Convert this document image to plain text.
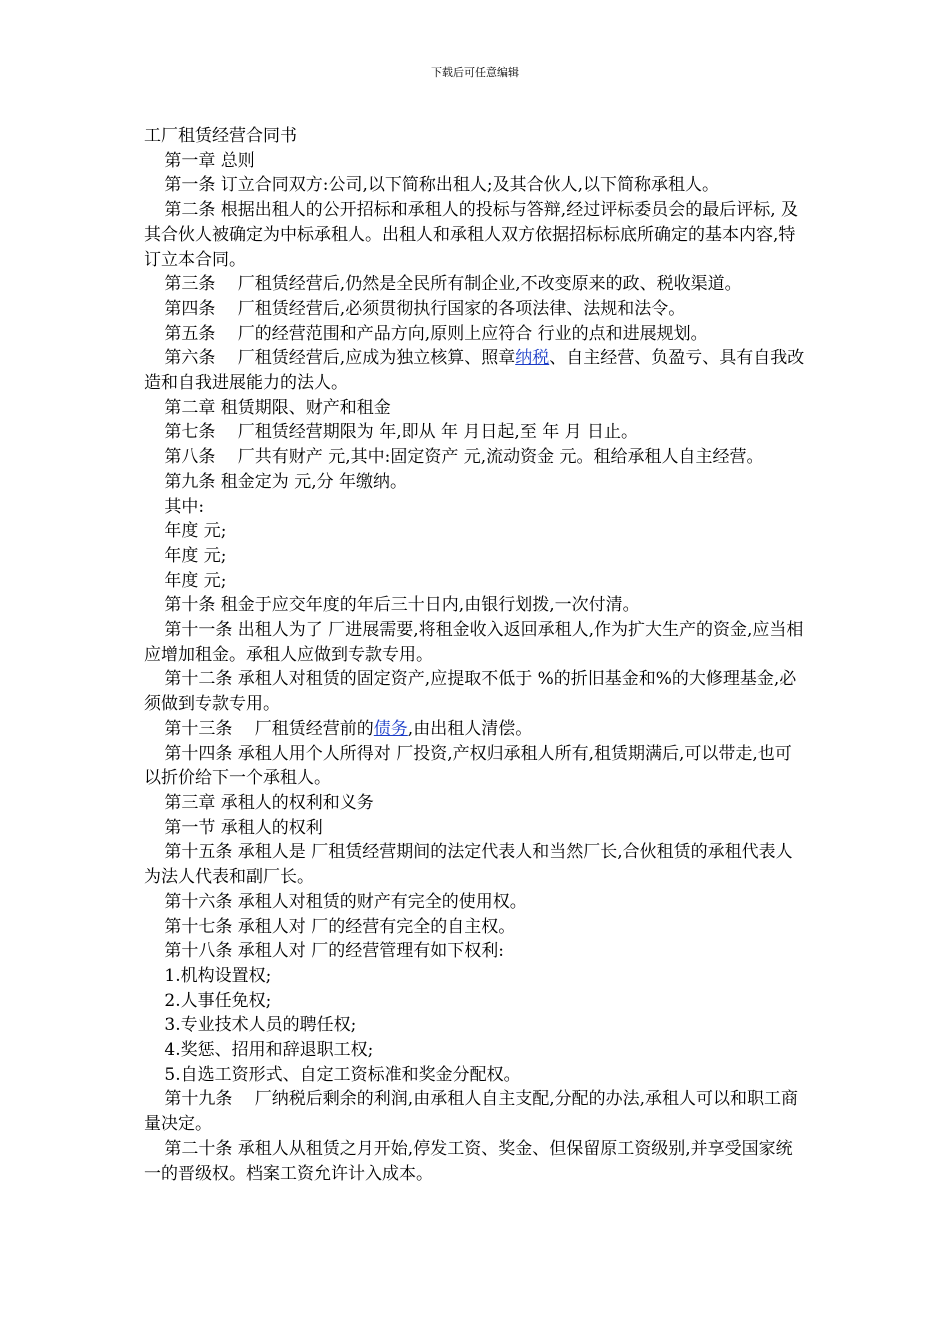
下载后可任意编辑

工厂租赁经营合同书

第一章 总则

第一条 订立合同双方:公司,以下简称出租人;及其合伙人,以下简称承租人。

第二条 根据出租人的公开招标和承租人的投标与答辩,经过评标委员会的最后评标, 及其合伙人被确定为中标承租人。出租人和承租人双方依据招标标底所确定的基本内容,特订立本合同。

第三条　 厂租赁经营后,仍然是全民所有制企业,不改变原来的政、税收渠道。

第四条　 厂租赁经营后,必须贯彻执行国家的各项法律、法规和法令。

第五条　 厂的经营范围和产品方向,原则上应符合 行业的点和进展规划。

第六条　 厂租赁经营后,应成为独立核算、照章纳税、自主经营、负盈亏、具有自我改造和自我进展能力的法人。

第二章 租赁期限、财产和租金

第七条　 厂租赁经营期限为 年,即从 年 月日起,至 年 月 日止。

第八条　 厂共有财产 元,其中:固定资产 元,流动资金 元。租给承租人自主经营。

第九条 租金定为 元,分 年缴纳。

其中:

年度 元;

年度 元;

年度 元;

第十条 租金于应交年度的年后三十日内,由银行划拨,一次付清。

第十一条 出租人为了 厂进展需要,将租金收入返回承租人,作为扩大生产的资金,应当相应增加租金。承租人应做到专款专用。

第十二条 承租人对租赁的固定资产,应提取不低于 %的折旧基金和%的大修理基金,必须做到专款专用。

第十三条　 厂租赁经营前的债务,由出租人清偿。

第十四条 承租人用个人所得对 厂投资,产权归承租人所有,租赁期满后,可以带走,也可以折价给下一个承租人。

第三章 承租人的权利和义务

第一节 承租人的权利

第十五条 承租人是 厂租赁经营期间的法定代表人和当然厂长,合伙租赁的承租代表人为法人代表和副厂长。

第十六条 承租人对租赁的财产有完全的使用权。

第十七条 承租人对 厂的经营有完全的自主权。

第十八条 承租人对 厂的经营管理有如下权利:

1.机构设置权;

2.人事任免权;

3.专业技术人员的聘任权;

4.奖惩、招用和辞退职工权;

5.自选工资形式、自定工资标准和奖金分配权。

第十九条　 厂纳税后剩余的利润,由承租人自主支配,分配的办法,承租人可以和职工商量决定。

第二十条 承租人从租赁之月开始,停发工资、奖金、但保留原工资级别,并享受国家统一的晋级权。档案工资允许计入成本。
